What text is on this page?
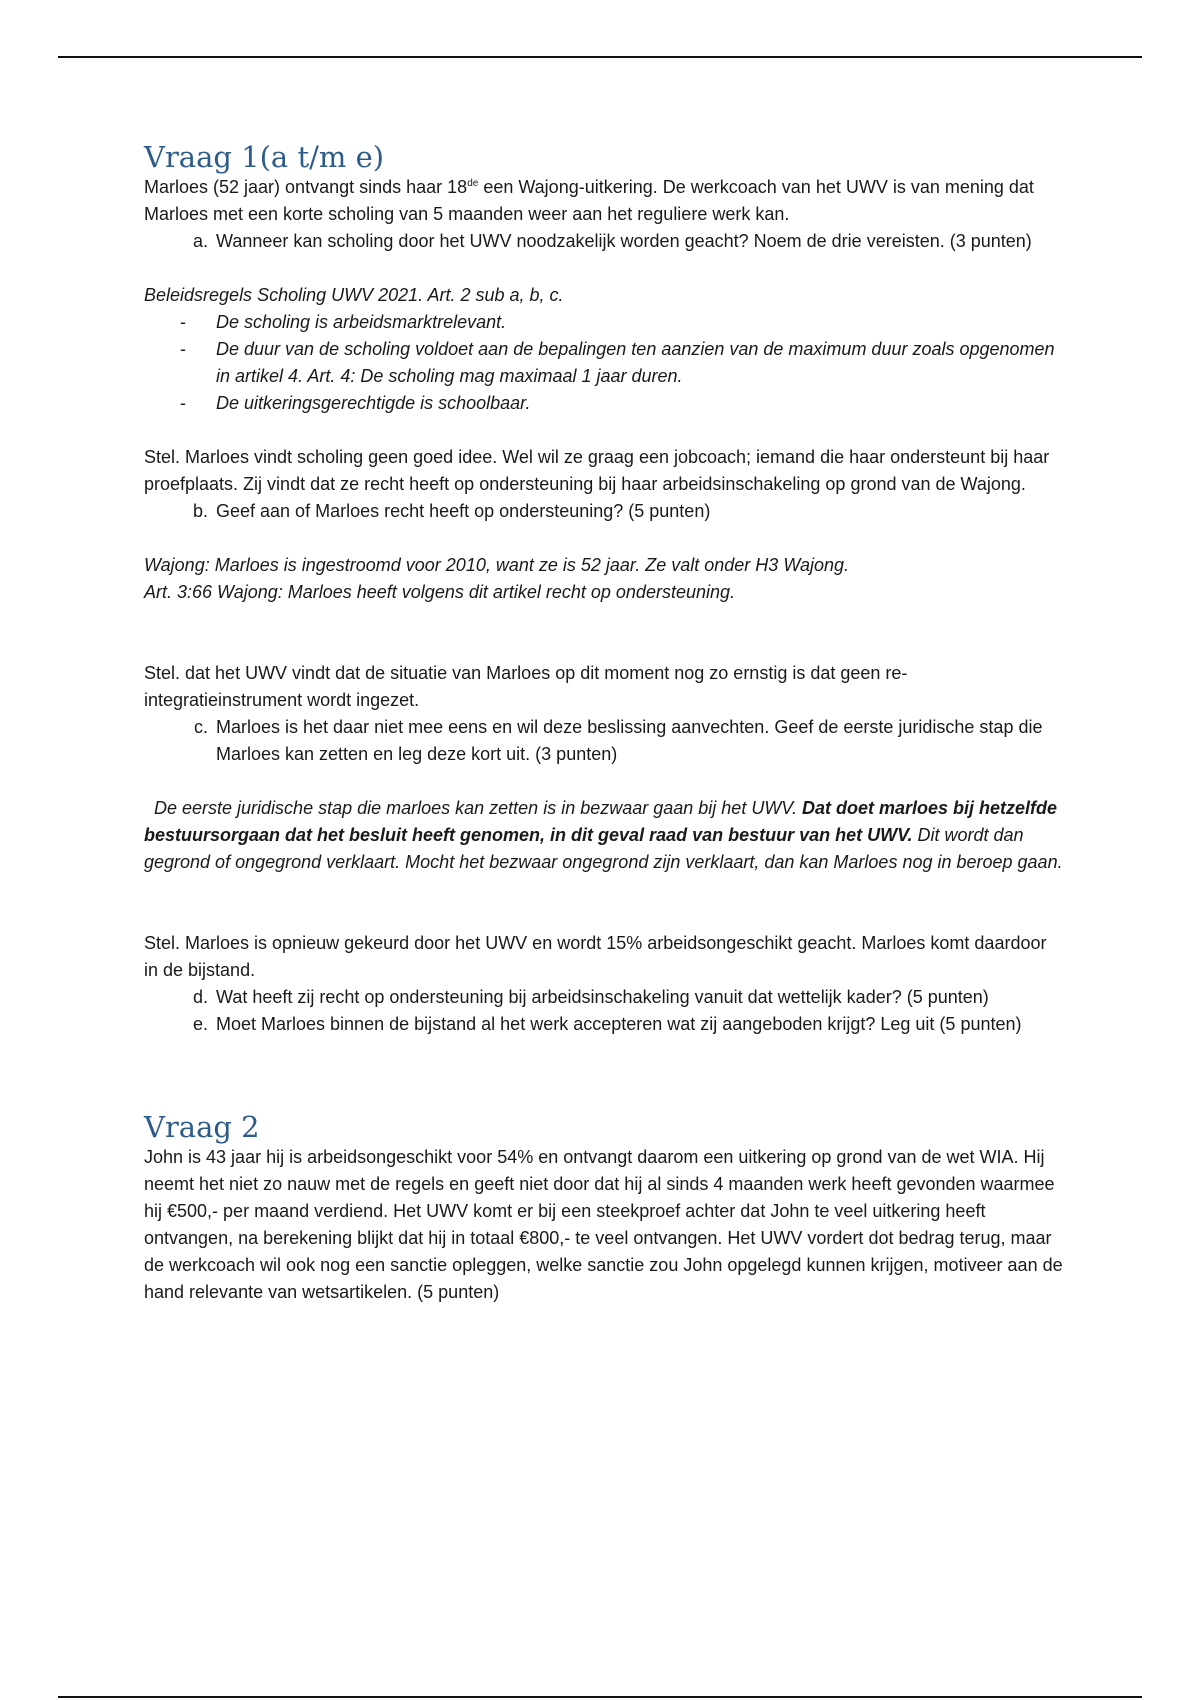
Vraag 1(a t/m e)

Marloes (52 jaar) ontvangt sinds haar 18de een Wajong-uitkering. De werkcoach van het UWV is van mening dat Marloes met een korte scholing van 5 maanden weer aan het reguliere werk kan.

a. Wanneer kan scholing door het UWV noodzakelijk worden geacht? Noem de drie vereisten. (3 punten)

Beleidsregels Scholing UWV 2021. Art. 2 sub a, b, c.

-	De scholing is arbeidsmarktrelevant.
-	De duur van de scholing voldoet aan de bepalingen ten aanzien van de maximum duur zoals opgenomen in artikel 4. Art. 4: De scholing mag maximaal 1 jaar duren.
-	De uitkeringsgerechtigde is schoolbaar.

Stel. Marloes vindt scholing geen goed idee. Wel wil ze graag een jobcoach; iemand die haar ondersteunt bij haar proefplaats. Zij vindt dat ze recht heeft op ondersteuning bij haar arbeidsinschakeling op grond van de Wajong.

b. Geef aan of Marloes recht heeft op ondersteuning? (5 punten)

Wajong: Marloes is ingestroomd voor 2010, want ze is 52 jaar. Ze valt onder H3 Wajong.

Art. 3:66 Wajong: Marloes heeft volgens dit artikel recht op ondersteuning.

Stel. dat het UWV vindt dat de situatie van Marloes op dit moment nog zo ernstig is dat geen re-integratieinstrument wordt ingezet.

c. Marloes is het daar niet mee eens en wil deze beslissing aanvechten. Geef de eerste juridische stap die Marloes kan zetten en leg deze kort uit. (3 punten)

De eerste juridische stap die marloes kan zetten is in bezwaar gaan bij het UWV. Dat doet marloes bij hetzelfde bestuursorgaan dat het besluit heeft genomen, in dit geval raad van bestuur van het UWV. Dit wordt dan gegrond of ongegrond verklaart. Mocht het bezwaar ongegrond zijn verklaart, dan kan Marloes nog in beroep gaan.

Stel. Marloes is opnieuw gekeurd door het UWV en wordt 15% arbeidsongeschikt geacht. Marloes komt daardoor in de bijstand.

d. Wat heeft zij recht op ondersteuning bij arbeidsinschakeling vanuit dat wettelijk kader? (5 punten)
e. Moet Marloes binnen de bijstand al het werk accepteren wat zij aangeboden krijgt? Leg uit (5 punten)
Vraag 2

John is 43 jaar hij is arbeidsongeschikt voor 54% en ontvangt daarom een uitkering op grond van de wet WIA. Hij neemt het niet zo nauw met de regels en geeft niet door dat hij al sinds 4 maanden werk heeft gevonden waarmee hij €500,- per maand verdiend. Het UWV komt er bij een steekproef achter dat John te veel uitkering heeft ontvangen, na berekening blijkt dat hij in totaal €800,- te veel ontvangen. Het UWV vordert dot bedrag terug, maar de werkcoach wil ook nog een sanctie opleggen, welke sanctie zou John opgelegd kunnen krijgen, motiveer aan de hand relevante van wetsartikelen. (5 punten)
